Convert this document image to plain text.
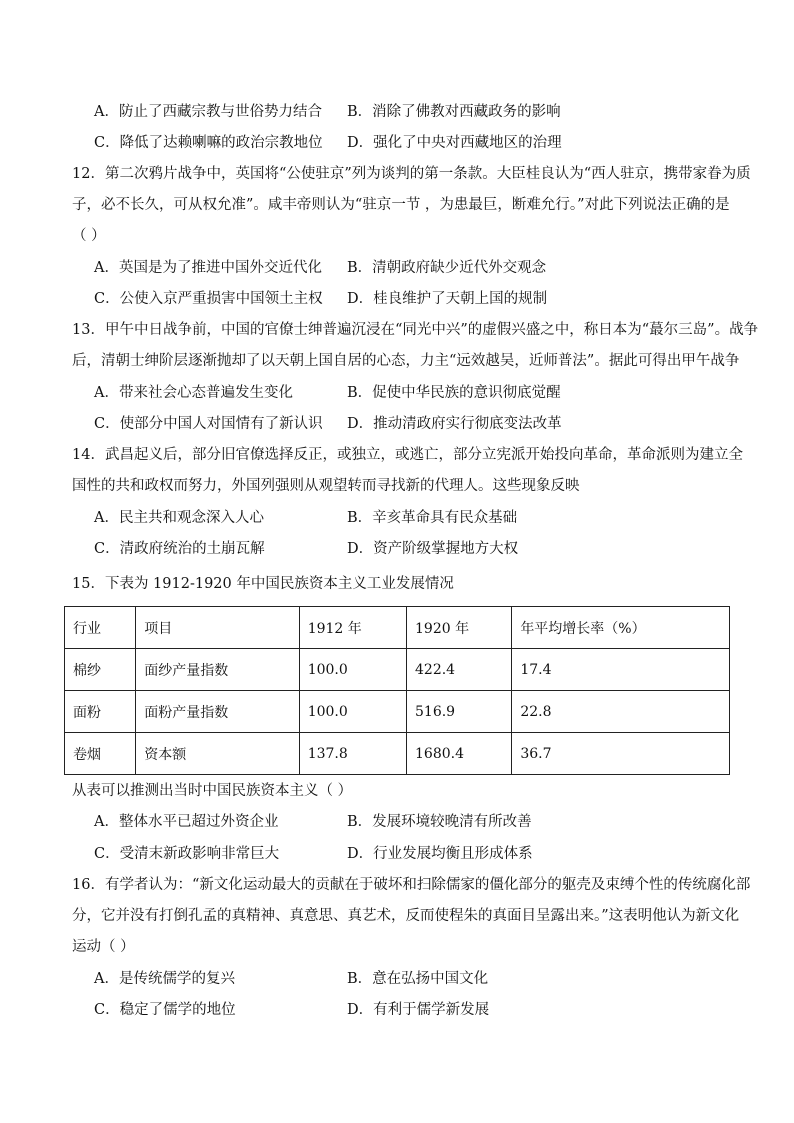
A．防止了西藏宗教与世俗势力结合 B．消除了佛教对西藏政务的影响
C．降低了达赖喇嘛的政治宗教地位 D．强化了中央对西藏地区的治理
12．第二次鸦片战争中，英国将“公使驻京”列为谈判的第一条款。大臣桂良认为“西人驻京，携带家眷为质
子，必不长久，可从权允准”。咸丰帝则认为“驻京一节 ，为患最巨，断难允行。”对此下列说法正确的是
（ ）
A．英国是为了推进中国外交近代化 B．清朝政府缺少近代外交观念
C．公使入京严重损害中国领土主权 D．桂良维护了天朝上国的规制
13．甲午中日战争前，中国的官僚士绅普遍沉浸在“同光中兴”的虚假兴盛之中，称日本为“蕞尔三岛”。战争
后，清朝士绅阶层逐渐抛却了以天朝上国自居的心态，力主“远效越吴，近师普法”。据此可得出甲午战争
A．带来社会心态普遍发生变化	B．促使中华民族的意识彻底觉醒
C．使部分中国人对国情有了新认识 D．推动清政府实行彻底变法改革
14．武昌起义后，部分旧官僚选择反正，或独立，或逃亡，部分立宪派开始投向革命，革命派则为建立全
国性的共和政权而努力，外国列强则从观望转而寻找新的代理人。这些现象反映
A．民主共和观念深入人心	B．辛亥革命具有民众基础
C．清政府统治的土崩瓦解	D．资产阶级掌握地方大权
15．下表为 1912-1920 年中国民族资本主义工业发展情况
行业	项目	1912 年	1920 年	年平均增长率（%）
棉纱	面纱产量指数	100.0	422.4	17.4
面粉	面粉产量指数	100.0	516.9	22.8
卷烟	资本额	137.8	1680.4	36.7
从表可以推测出当时中国民族资本主义（ ）
A．整体水平已超过外资企业	B．发展环境较晚清有所改善
C．受清末新政影响非常巨大	D．行业发展均衡且形成体系
16．有学者认为：“新文化运动最大的贡献在于破坏和扫除儒家的僵化部分的躯壳及束缚个性的传统腐化部
分，它并没有打倒孔孟的真精神、真意思、真艺术，反而使程朱的真面目呈露出来。”这表明他认为新文化
运动（ ）
A．是传统儒学的复兴	B．意在弘扬中国文化
C．稳定了儒学的地位	D．有利于儒学新发展
